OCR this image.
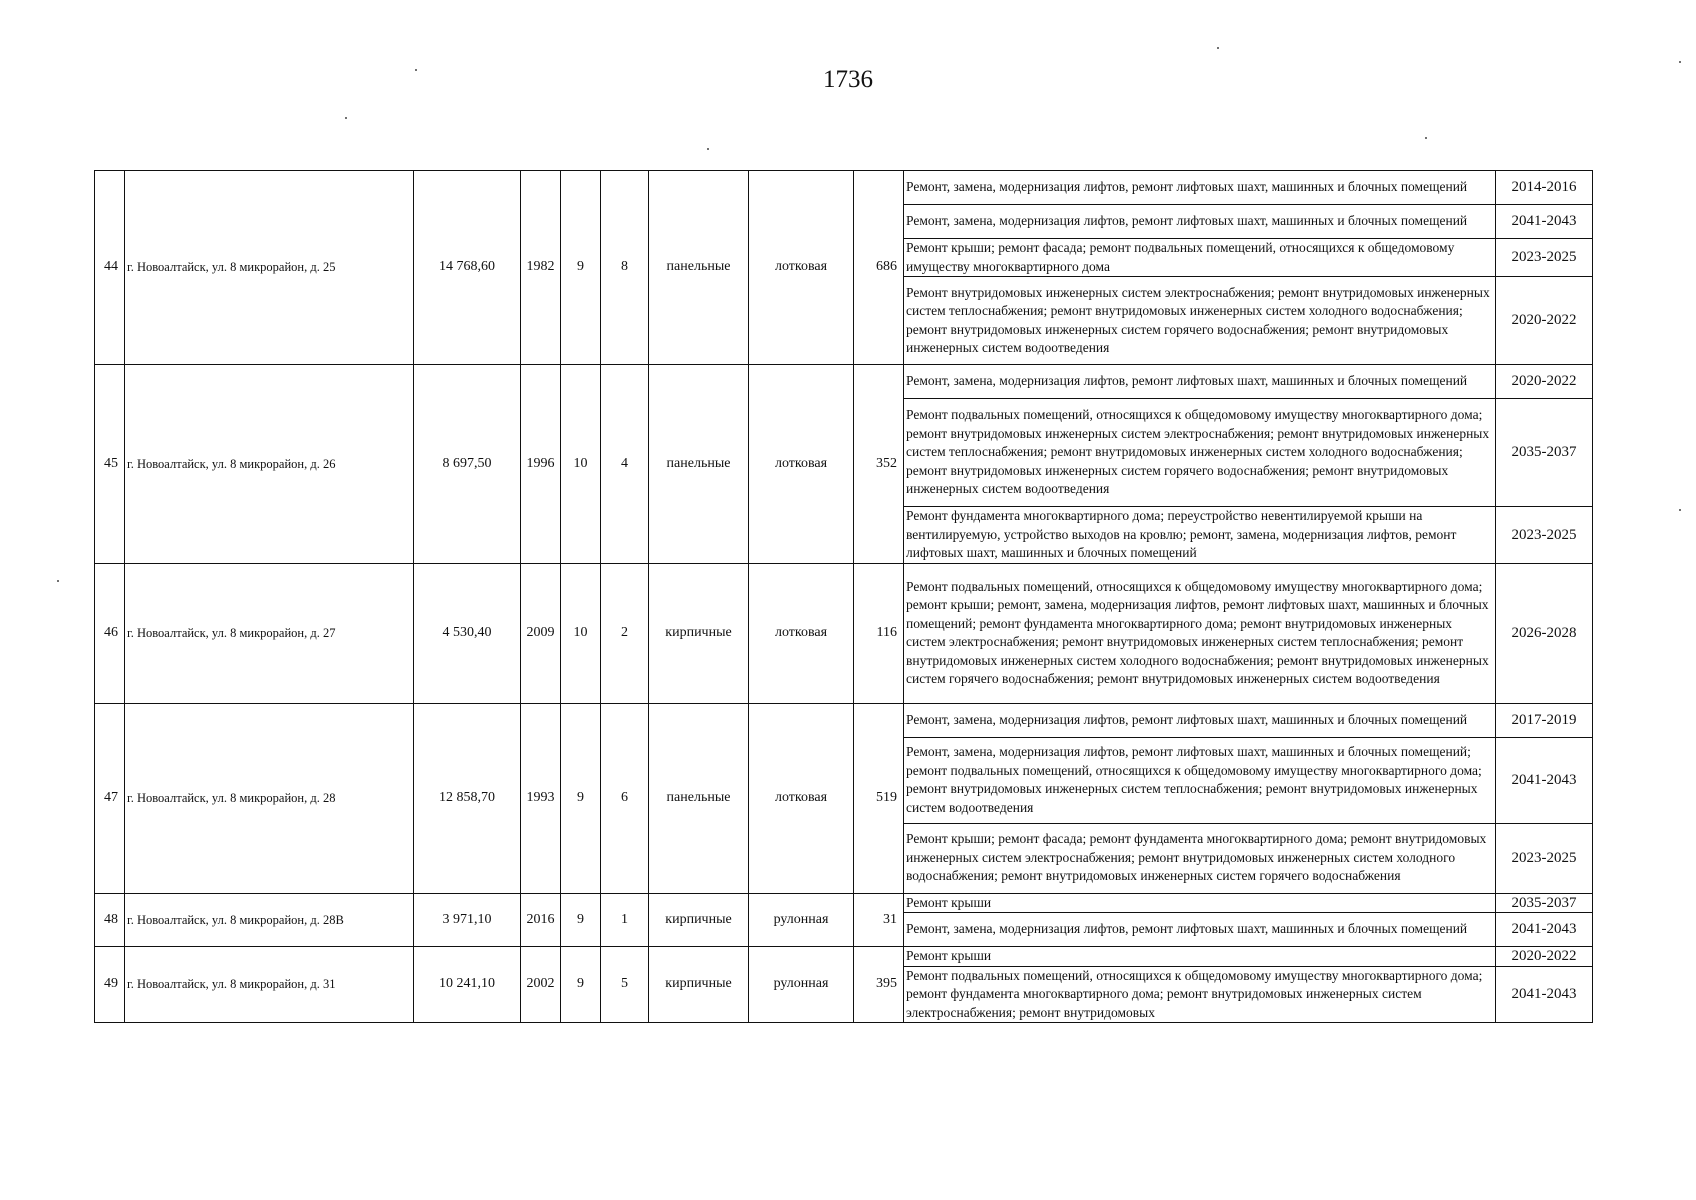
1736
44	г. Новоалтайск, ул. 8 микрорайон, д. 25	14 768,60	1982	9	8	панельные	лотковая	686	Ремонт, замена, модернизация лифтов, ремонт лифтовых шахт, машинных и блочных помещений	2014-2016
									Ремонт, замена, модернизация лифтов, ремонт лифтовых шахт, машинных и блочных помещений	2041-2043
									Ремонт крыши; ремонт фасада; ремонт подвальных помещений, относящихся к общедомовому имуществу многоквартирного дома	2023-2025
									Ремонт внутридомовых инженерных систем электроснабжения; ремонт внутридомовых инженерных систем теплоснабжения; ремонт внутридомовых инженерных систем холодного водоснабжения; ремонт внутридомовых инженерных систем горячего водоснабжения; ремонт внутридомовых инженерных систем водоотведения	2020-2022
45	г. Новоалтайск, ул. 8 микрорайон, д. 26	8 697,50	1996	10	4	панельные	лотковая	352	Ремонт, замена, модернизация лифтов, ремонт лифтовых шахт, машинных и блочных помещений	2020-2022
									Ремонт подвальных помещений, относящихся к общедомовому имуществу многоквартирного дома; ремонт внутридомовых инженерных систем электроснабжения; ремонт внутридомовых инженерных систем теплоснабжения; ремонт внутридомовых инженерных систем холодного водоснабжения; ремонт внутридомовых инженерных систем горячего водоснабжения; ремонт внутридомовых инженерных систем водоотведения	2035-2037
									Ремонт фундамента многоквартирного дома; переустройство невентилируемой крыши на вентилируемую, устройство выходов на кровлю; ремонт, замена, модернизация лифтов, ремонт лифтовых шахт, машинных и блочных помещений	2023-2025
46	г. Новоалтайск, ул. 8 микрорайон, д. 27	4 530,40	2009	10	2	кирпичные	лотковая	116	Ремонт подвальных помещений, относящихся к общедомовому имуществу многоквартирного дома; ремонт крыши; ремонт, замена, модернизация лифтов, ремонт лифтовых шахт, машинных и блочных помещений; ремонт фундамента многоквартирного дома; ремонт внутридомовых инженерных систем электроснабжения; ремонт внутридомовых инженерных систем теплоснабжения; ремонт внутридомовых инженерных систем холодного водоснабжения; ремонт внутридомовых инженерных систем горячего водоснабжения; ремонт внутридомовых инженерных систем водоотведения	2026-2028
47	г. Новоалтайск, ул. 8 микрорайон, д. 28	12 858,70	1993	9	6	панельные	лотковая	519	Ремонт, замена, модернизация лифтов, ремонт лифтовых шахт, машинных и блочных помещений	2017-2019
									Ремонт, замена, модернизация лифтов, ремонт лифтовых шахт, машинных и блочных помещений; ремонт подвальных помещений, относящихся к общедомовому имуществу многоквартирного дома; ремонт внутридомовых инженерных систем теплоснабжения; ремонт внутридомовых инженерных систем водоотведения	2041-2043
									Ремонт крыши; ремонт фасада; ремонт фундамента многоквартирного дома; ремонт внутридомовых инженерных систем электроснабжения; ремонт внутридомовых инженерных систем холодного водоснабжения; ремонт внутридомовых инженерных систем горячего водоснабжения	2023-2025
48	г. Новоалтайск, ул. 8 микрорайон, д. 28В	3 971,10	2016	9	1	кирпичные	рулонная	31	Ремонт крыши	2035-2037
									Ремонт, замена, модернизация лифтов, ремонт лифтовых шахт, машинных и блочных помещений	2041-2043
49	г. Новоалтайск, ул. 8 микрорайон, д. 31	10 241,10	2002	9	5	кирпичные	рулонная	395	Ремонт крыши	2020-2022
									Ремонт подвальных помещений, относящихся к общедомовому имуществу многоквартирного дома; ремонт фундамента многоквартирного дома; ремонт внутридомовых инженерных систем электроснабжения; ремонт внутридомовых	2041-2043
